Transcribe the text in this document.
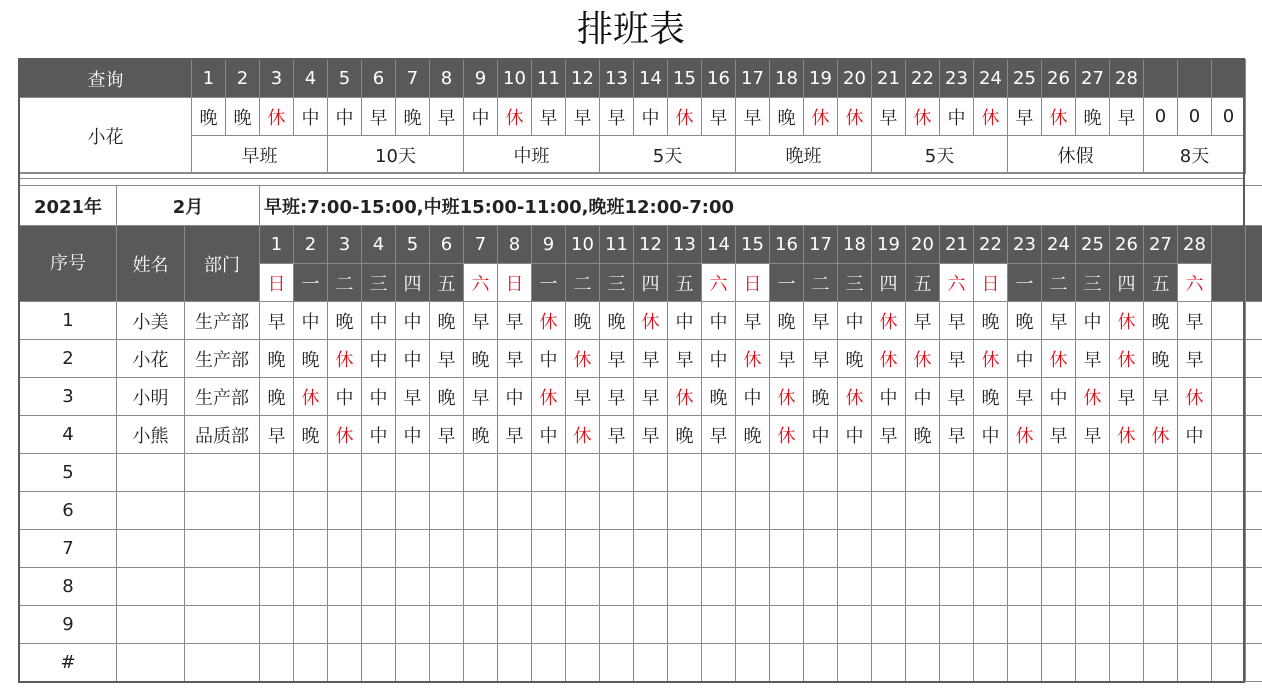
排班表
查询	1	2	3	4	5	6	7	8	9	10	11	12	13	14	15	16	17	18	19	20	21	22	23	24	25	26	27	28			
小花	晚	晚	休	中	中	早	晚	早	中	休	早	早	早	中	休	早	早	晚	休	休	早	休	中	休	早	休	晚	早	0	0	0
	早班				10天				中班				5天				晚班				5天				休假				8天		
2021年	2月		早班:7:00-15:00,中班15:00-11:00,晚班12:00-7:00																														
序号	姓名	部门	1	2	3	4	5	6	7	8	9	10	11	12	13	14	15	16	17	18	19	20	21	22	23	24	25	26	27	28			
			日	一	二	三	四	五	六	日	一	二	三	四	五	六	日	一	二	三	四	五	六	日	一	二	三	四	五	六			
1	小美	生产部	早	中	晚	中	中	晚	早	早	休	晚	晚	休	中	中	早	晚	早	中	休	早	早	晚	晚	早	中	休	晚	早			
2	小花	生产部	晚	晚	休	中	中	早	晚	早	中	休	早	早	早	中	休	早	早	晚	休	休	早	休	中	休	早	休	晚	早			
3	小明	生产部	晚	休	中	中	早	晚	早	中	休	早	早	早	休	晚	中	休	晚	休	中	中	早	晚	早	中	休	早	早	休			
4	小熊	品质部	早	晚	休	中	中	早	晚	早	中	休	早	早	晚	早	晚	休	中	中	早	晚	早	中	休	早	早	休	休	中			
5																																	
6																																	
7																																	
8																																	
9																																	
#																																	
